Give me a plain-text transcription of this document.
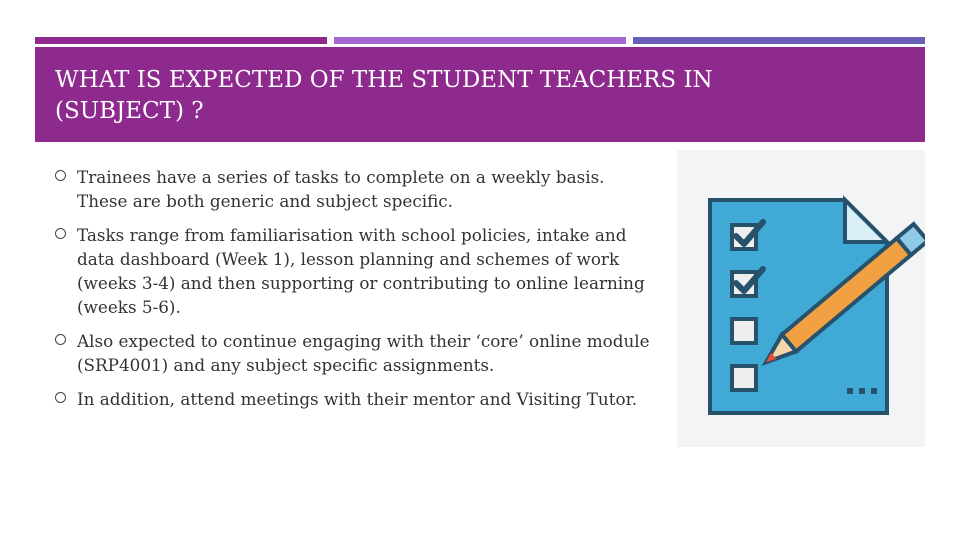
WHAT IS EXPECTED OF THE STUDENT TEACHERS IN (SUBJECT) ?
Trainees have a series of tasks to complete on a weekly basis. These are both generic and subject specific.
Tasks range from familiarisation with school policies, intake and data dashboard (Week 1), lesson planning and schemes of work (weeks 3-4) and then supporting or contributing to online learning (weeks 5-6).
Also expected to continue engaging with their ‘core’ online module (SRP4001) and any subject specific assignments.
In addition, attend meetings with their mentor and Visiting Tutor.
